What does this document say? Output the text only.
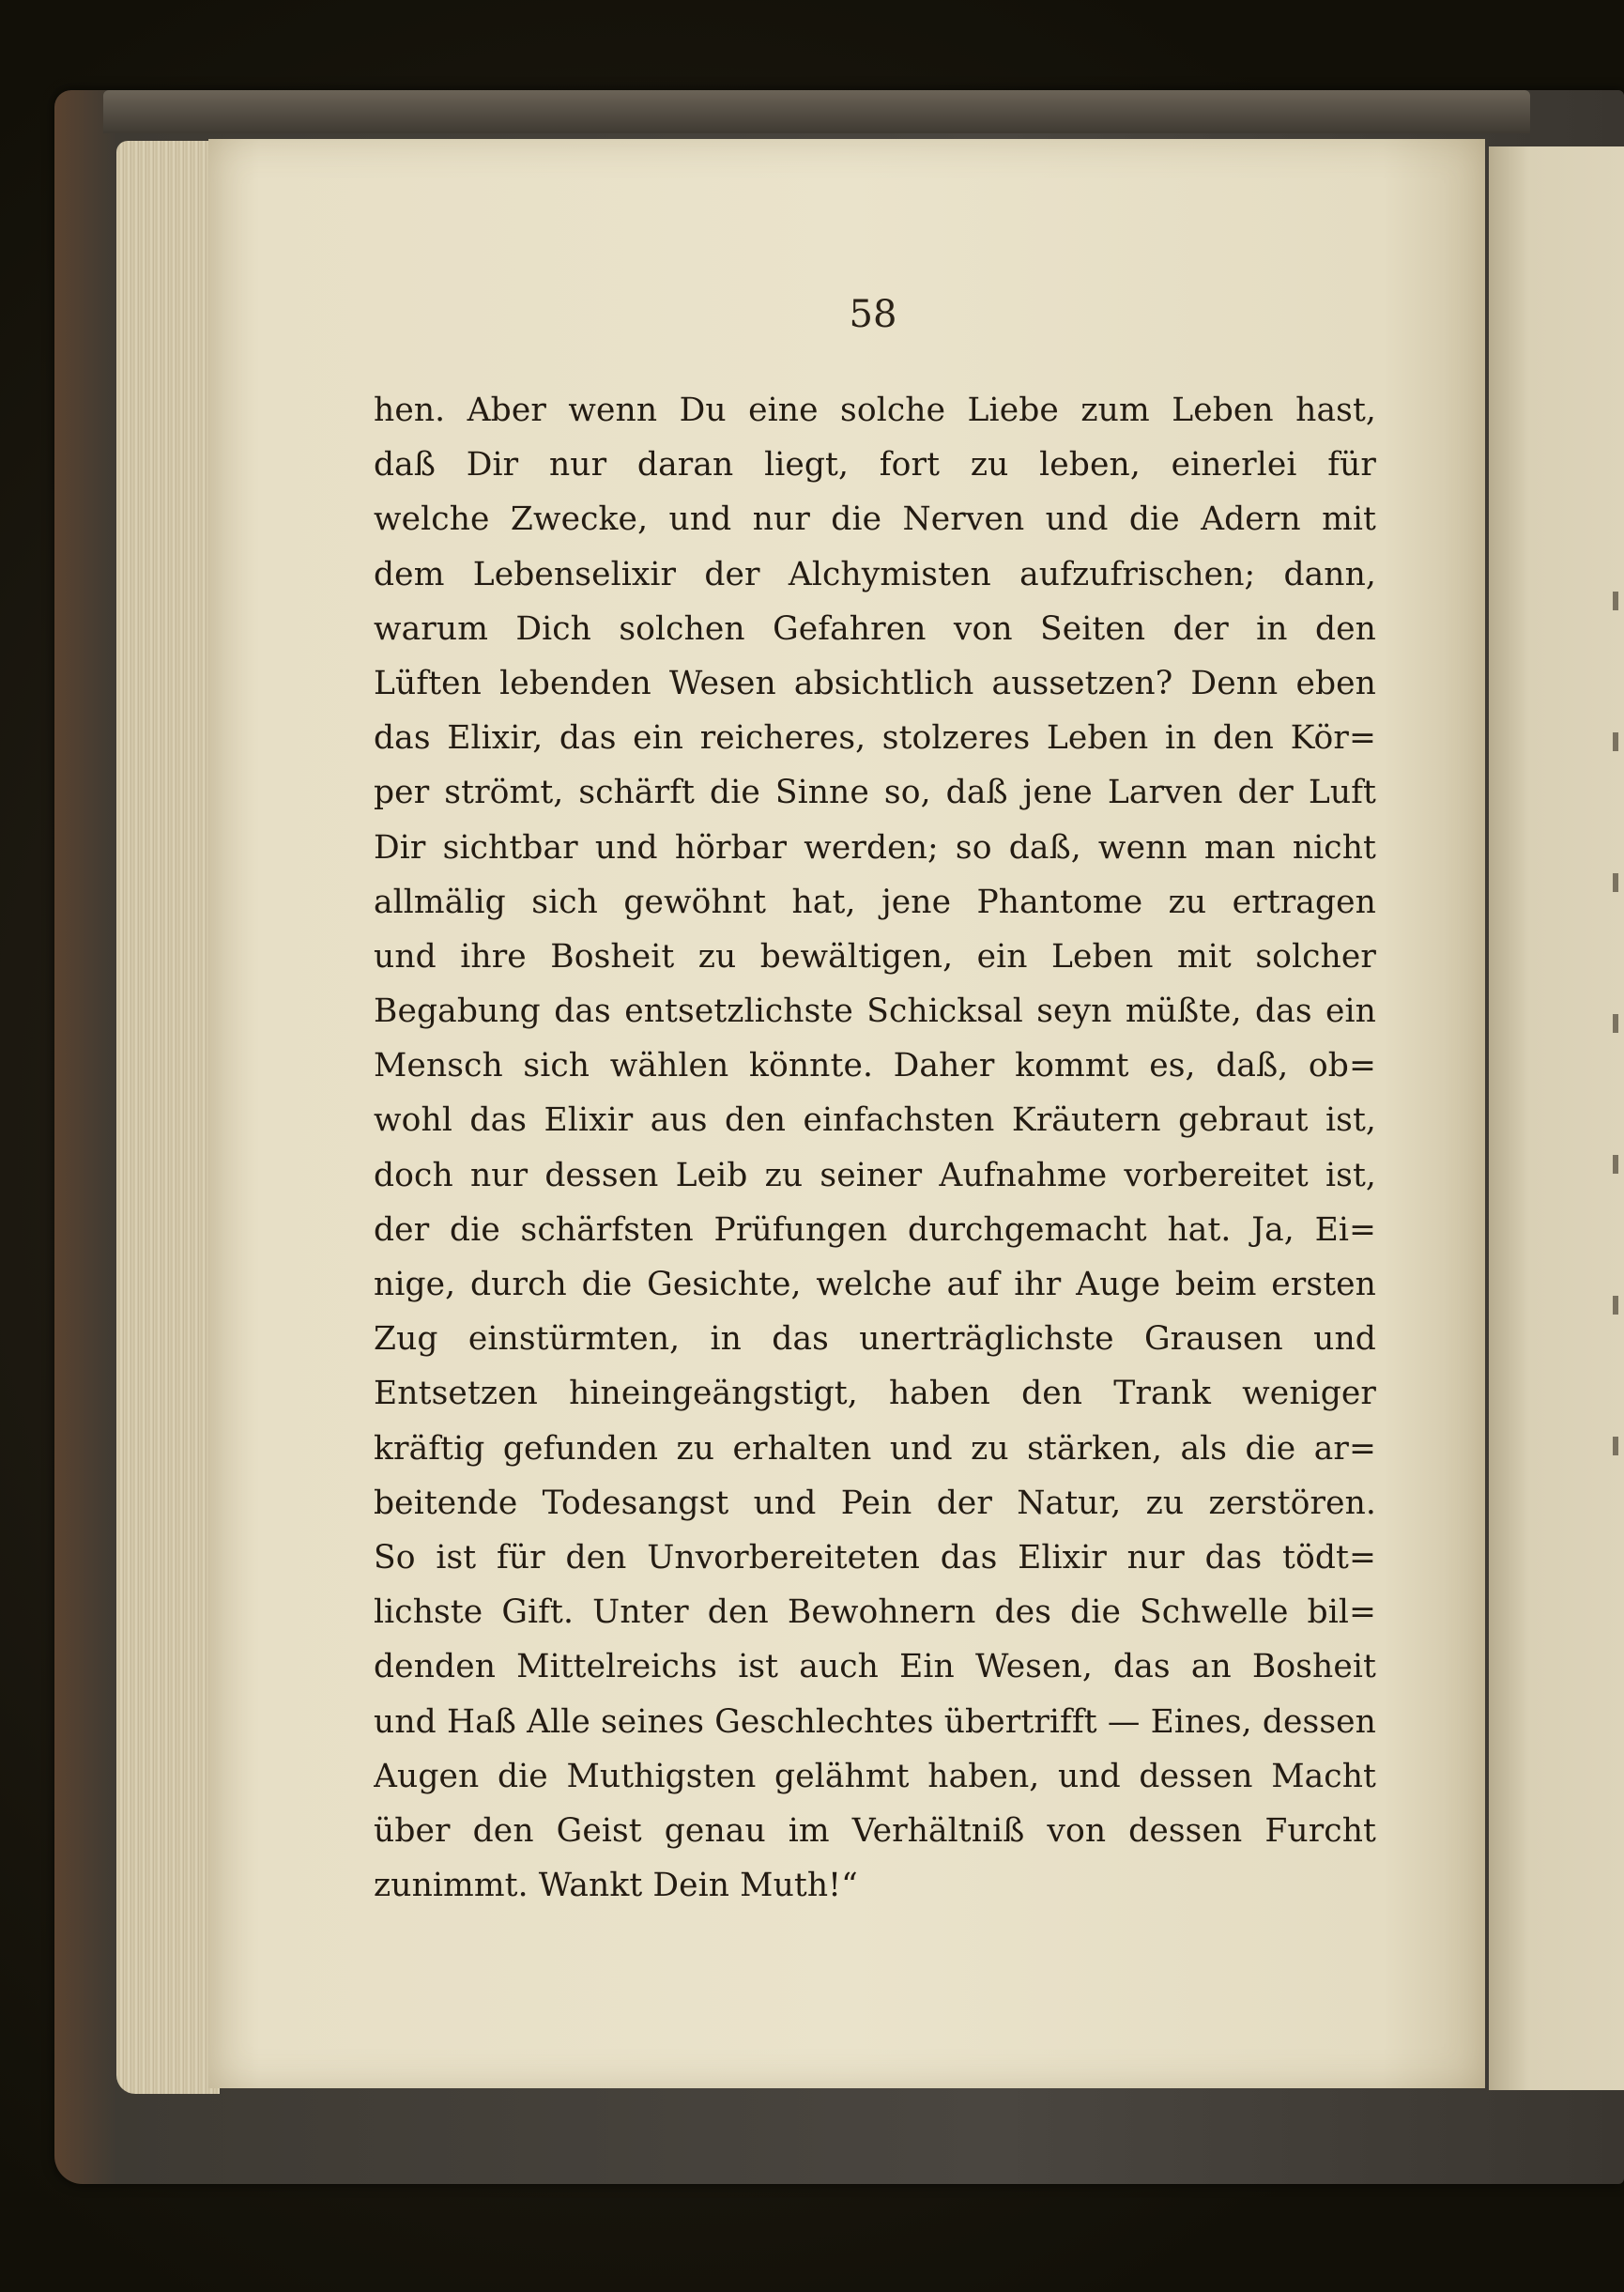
58
hen. Aber wenn Du eine solche Liebe zum Leben hast,
daß Dir nur daran liegt, fort zu leben, einerlei für
welche Zwecke, und nur die Nerven und die Adern mit
dem Lebenselixir der Alchymisten aufzufrischen; dann,
warum Dich solchen Gefahren von Seiten der in den
Lüften lebenden Wesen absichtlich aussetzen? Denn eben
das Elixir, das ein reicheres, stolzeres Leben in den Kör=
per strömt, schärft die Sinne so, daß jene Larven der Luft
Dir sichtbar und hörbar werden; so daß, wenn man nicht
allmälig sich gewöhnt hat, jene Phantome zu ertragen
und ihre Bosheit zu bewältigen, ein Leben mit solcher
Begabung das entsetzlichste Schicksal seyn müßte, das ein
Mensch sich wählen könnte. Daher kommt es, daß, ob=
wohl das Elixir aus den einfachsten Kräutern gebraut ist,
doch nur dessen Leib zu seiner Aufnahme vorbereitet ist,
der die schärfsten Prüfungen durchgemacht hat. Ja, Ei=
nige, durch die Gesichte, welche auf ihr Auge beim ersten
Zug einstürmten, in das unerträglichste Grausen und
Entsetzen hineingeängstigt, haben den Trank weniger
kräftig gefunden zu erhalten und zu stärken, als die ar=
beitende Todesangst und Pein der Natur, zu zerstören.
So ist für den Unvorbereiteten das Elixir nur das tödt=
lichste Gift. Unter den Bewohnern des die Schwelle bil=
denden Mittelreichs ist auch Ein Wesen, das an Bosheit
und Haß Alle seines Geschlechtes übertrifft — Eines, dessen
Augen die Muthigsten gelähmt haben, und dessen Macht
über den Geist genau im Verhältniß von dessen Furcht
zunimmt. Wankt Dein Muth!“
